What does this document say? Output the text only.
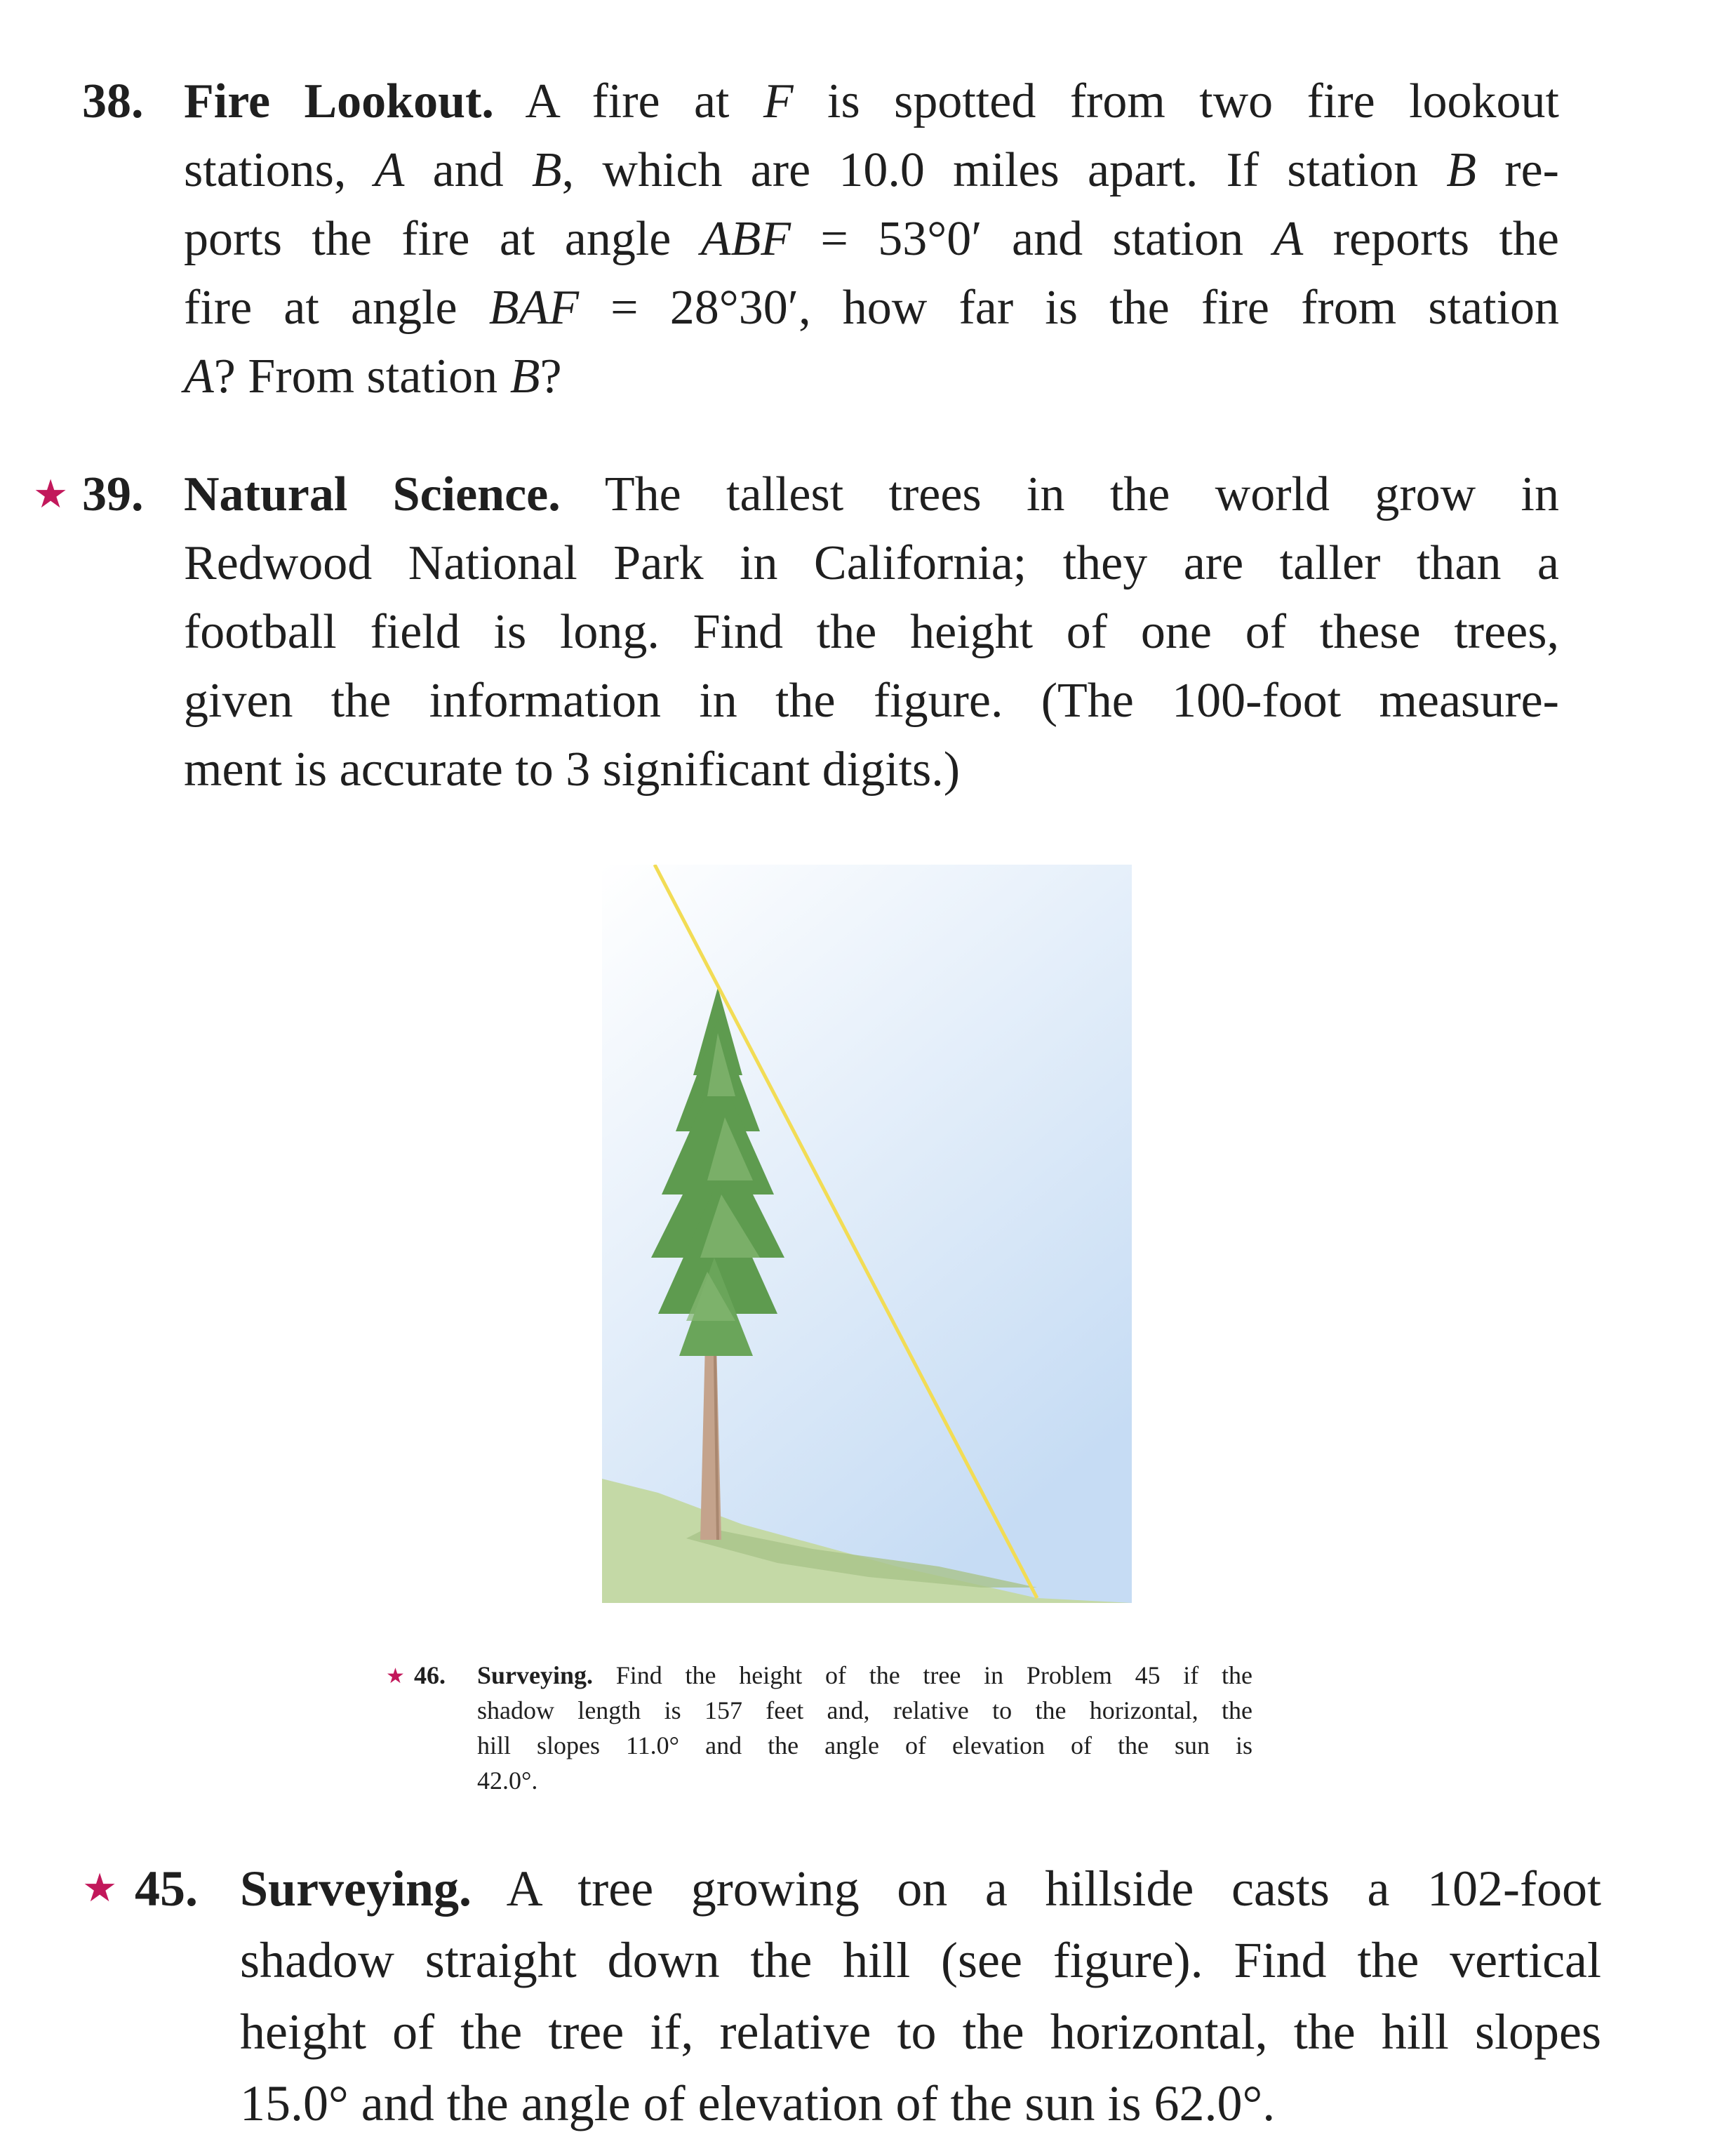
38. Fire Lookout. A fire at F is spotted from two fire lookout
stations, A and B, which are 10.0 miles apart. If station B re-
ports the fire at angle ABF = 53°0′ and station A reports the
fire at angle BAF = 28°30′, how far is the fire from station
A? From station B?
★ 39. Natural Science. The tallest trees in the world grow in
Redwood National Park in California; they are taller than a
football field is long. Find the height of one of these trees,
given the information in the figure. (The 100-foot measure-
ment is accurate to 3 significant digits.)
★ 46. Surveying. Find the height of the tree in Problem 45 if the
shadow length is 157 feet and, relative to the horizontal, the
hill slopes 11.0° and the angle of elevation of the sun is
42.0°.
★ 45. Surveying. A tree growing on a hillside casts a 102-foot
shadow straight down the hill (see figure). Find the vertical
height of the tree if, relative to the horizontal, the hill slopes
15.0° and the angle of elevation of the sun is 62.0°.
